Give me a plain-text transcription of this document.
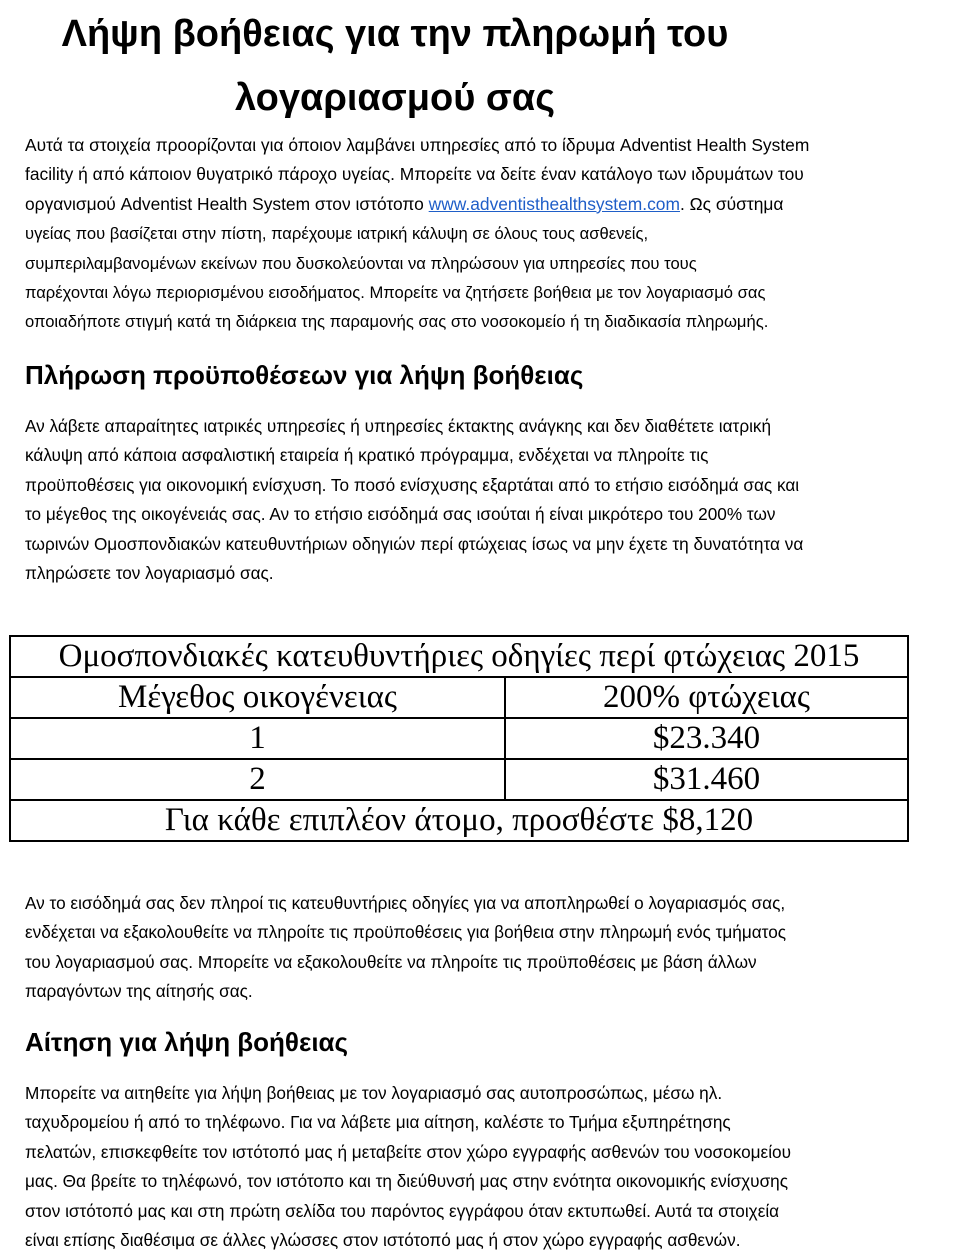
Λήψη βοήθειας για την πληρωμή του
λογαριασμού σας

Αυτά τα στοιχεία προορίζονται για όποιον λαμβάνει υπηρεσίες από το ίδρυμα Adventist Health System
facility ή από κάποιον θυγατρικό πάροχο υγείας. Μπορείτε να δείτε έναν κατάλογο των ιδρυμάτων του
οργανισμού Adventist Health System στον ιστότοπο www.adventisthealthsystem.com. Ως σύστημα
υγείας που βασίζεται στην πίστη, παρέχουμε ιατρική κάλυψη σε όλους τους ασθενείς,
συμπεριλαμβανομένων εκείνων που δυσκολεύονται να πληρώσουν για υπηρεσίες που τους
παρέχονται λόγω περιορισμένου εισοδήματος. Μπορείτε να ζητήσετε βοήθεια με τον λογαριασμό σας
οποιαδήποτε στιγμή κατά τη διάρκεια της παραμονής σας στο νοσοκομείο ή τη διαδικασία πληρωμής.

Πλήρωση προϋποθέσεων για λήψη βοήθειας

Αν λάβετε απαραίτητες ιατρικές υπηρεσίες ή υπηρεσίες έκτακτης ανάγκης και δεν διαθέτετε ιατρική
κάλυψη από κάποια ασφαλιστική εταιρεία ή κρατικό πρόγραμμα, ενδέχεται να πληροίτε τις
προϋποθέσεις για οικονομική ενίσχυση. Το ποσό ενίσχυσης εξαρτάται από το ετήσιο εισόδημά σας και
το μέγεθος της οικογένειάς σας. Αν το ετήσιο εισόδημά σας ισούται ή είναι μικρότερο του 200% των
τωρινών Ομοσπονδιακών κατευθυντήριων οδηγιών περί φτώχειας ίσως να μην έχετε τη δυνατότητα να
πληρώσετε τον λογαριασμό σας.

Ομοσπονδιακές κατευθυντήριες οδηγίες περί φτώχειας 2015	
Μέγεθος οικογένειας	200% φτώχειας
1	$23.340
2	$31.460
Για κάθε επιπλέον άτομο, προσθέστε $8,120	

Αν το εισόδημά σας δεν πληροί τις κατευθυντήριες οδηγίες για να αποπληρωθεί ο λογαριασμός σας,
ενδέχεται να εξακολουθείτε να πληροίτε τις προϋποθέσεις για βοήθεια στην πληρωμή ενός τμήματος
του λογαριασμού σας. Μπορείτε να εξακολουθείτε να πληροίτε τις προϋποθέσεις με βάση άλλων
παραγόντων της αίτησής σας.

Αίτηση για λήψη βοήθειας

Μπορείτε να αιτηθείτε για λήψη βοήθειας με τον λογαριασμό σας αυτοπροσώπως, μέσω ηλ.
ταχυδρομείου ή από το τηλέφωνο. Για να λάβετε μια αίτηση, καλέστε το Τμήμα εξυπηρέτησης
πελατών, επισκεφθείτε τον ιστότοπό μας ή μεταβείτε στον χώρο εγγραφής ασθενών του νοσοκομείου
μας. Θα βρείτε το τηλέφωνό, τον ιστότοπο και τη διεύθυνσή μας στην ενότητα οικονομικής ενίσχυσης
στον ιστότοπό μας και στη πρώτη σελίδα του παρόντος εγγράφου όταν εκτυπωθεί. Αυτά τα στοιχεία
είναι επίσης διαθέσιμα σε άλλες γλώσσες στον ιστότοπό μας ή στον χώρο εγγραφής ασθενών.
